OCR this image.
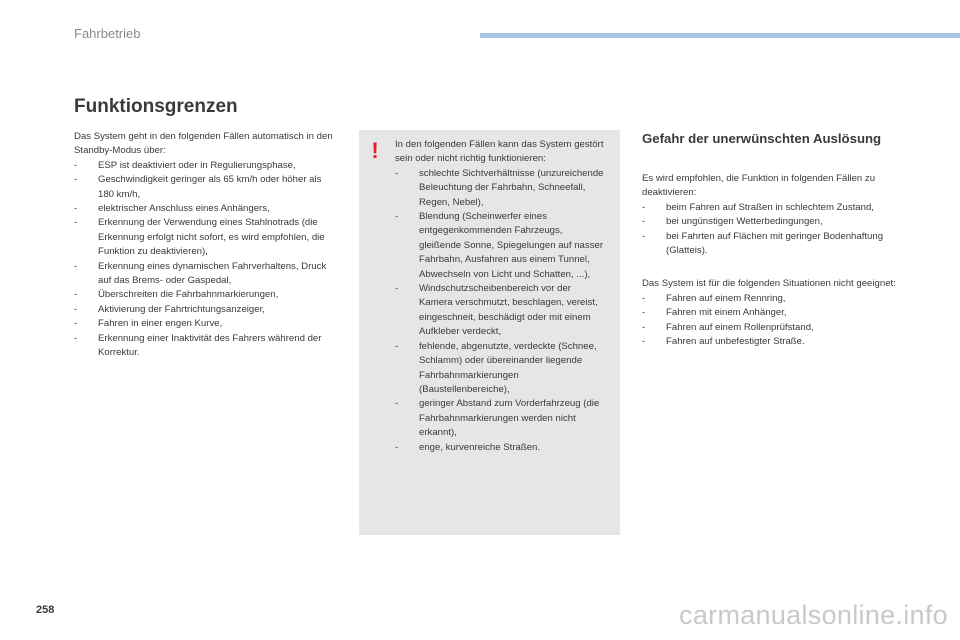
Fahrbetrieb
Funktionsgrenzen

Das System geht in den folgenden Fällen automatisch in den Standby-Modus über:

- ESP ist deaktiviert oder in Regulierungsphase,
- Geschwindigkeit geringer als 65 km/h oder höher als 180 km/h,
- elektrischer Anschluss eines Anhängers,
- Erkennung der Verwendung eines Stahlnotrads (die Erkennung erfolgt nicht sofort, es wird empfohlen, die Funktion zu deaktivieren),
- Erkennung eines dynamischen Fahrverhaltens, Druck auf das Brems- oder Gaspedal,
- Überschreiten die Fahrbahnmarkierungen,
- Aktivierung der Fahrtrichtungsanzeiger,
- Fahren in einer engen Kurve,
- Erkennung einer Inaktivität des Fahrers während der Korrektur.
!	In den folgenden Fällen kann das System gestört sein oder nicht richtig funktionieren:

- schlechte Sichtverhältnisse (unzureichende Beleuchtung der Fahrbahn, Schneefall, Regen, Nebel),
- Blendung (Scheinwerfer eines entgegenkommenden Fahrzeugs, gleißende Sonne, Spiegelungen auf nasser Fahrbahn, Ausfahren aus einem Tunnel, Abwechseln von Licht und Schatten, ...),
- Windschutzscheibenbereich vor der Kamera verschmutzt, beschlagen, vereist, eingeschneit, beschädigt oder mit einem Aufkleber verdeckt,
- fehlende, abgenutzte, verdeckte (Schnee, Schlamm) oder übereinander liegende Fahrbahnmarkierungen (Baustellenbereiche),
- geringer Abstand zum Vorderfahrzeug (die Fahrbahnmarkierungen werden nicht erkannt),
- enge, kurvenreiche Straßen.
Gefahr der unerwünschten Auslösung

Es wird empfohlen, die Funktion in folgenden Fällen zu deaktivieren:

- beim Fahren auf Straßen in schlechtem Zustand,
- bei ungünstigen Wetterbedingungen,
- bei Fahrten auf Flächen mit geringer Bodenhaftung (Glatteis).

Das System ist für die folgenden Situationen nicht geeignet:

- Fahren auf einem Rennring,
- Fahren mit einem Anhänger,
- Fahren auf einem Rollenprüfstand,
- Fahren auf unbefestigter Straße.
258	carmanualsonline.info
